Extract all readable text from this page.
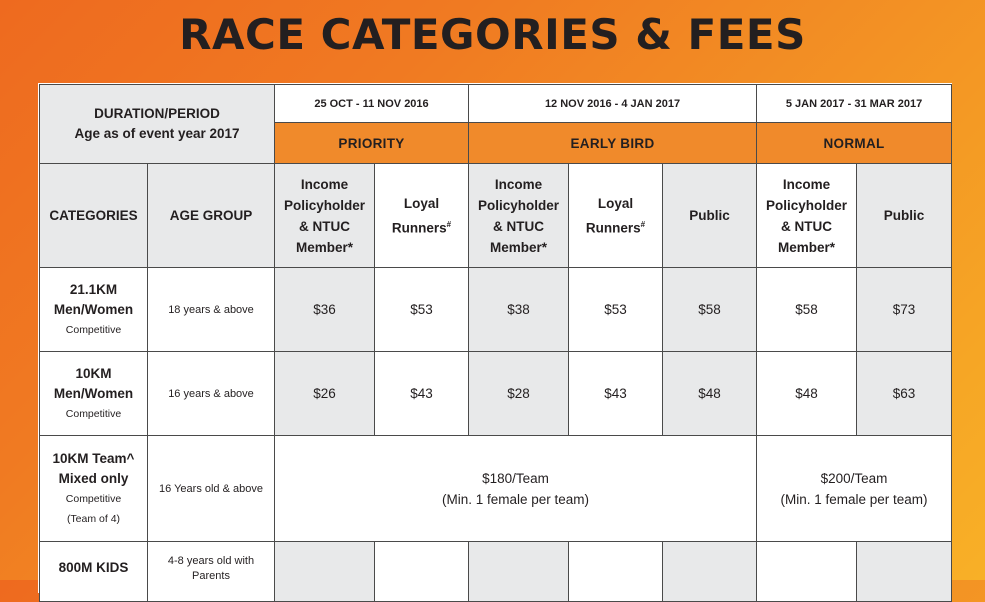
RACE CATEGORIES & FEES
DURATION/PERIOD
Age as of event year 2017		25 OCT - 11 NOV 2016		12 NOV 2016 - 4 JAN 2017			5 JAN 2017 - 31 MAR 2017	
		PRIORITY		EARLY BIRD			NORMAL	
CATEGORIES	AGE GROUP	Income
Policyholder
& NTUC
Member*	Loyal
Runners#	Income
Policyholder
& NTUC
Member*	Loyal
Runners#	Public	Income
Policyholder
& NTUC
Member*	Public

21.1KM
Men/Women
Competitive	18 years & above	$36	$53	$38	$53	$58	$58	$73

10KM
Men/Women
Competitive	16 years & above	$26	$43	$28	$43	$48	$48	$63

10KM Team^
Mixed only
Competitive
(Team of 4)	16 Years old & above	$180/Team
(Min. 1 female per team)					$200/Team
(Min. 1 female per team)	

800M KIDS	4-8 years old with
Parents							
